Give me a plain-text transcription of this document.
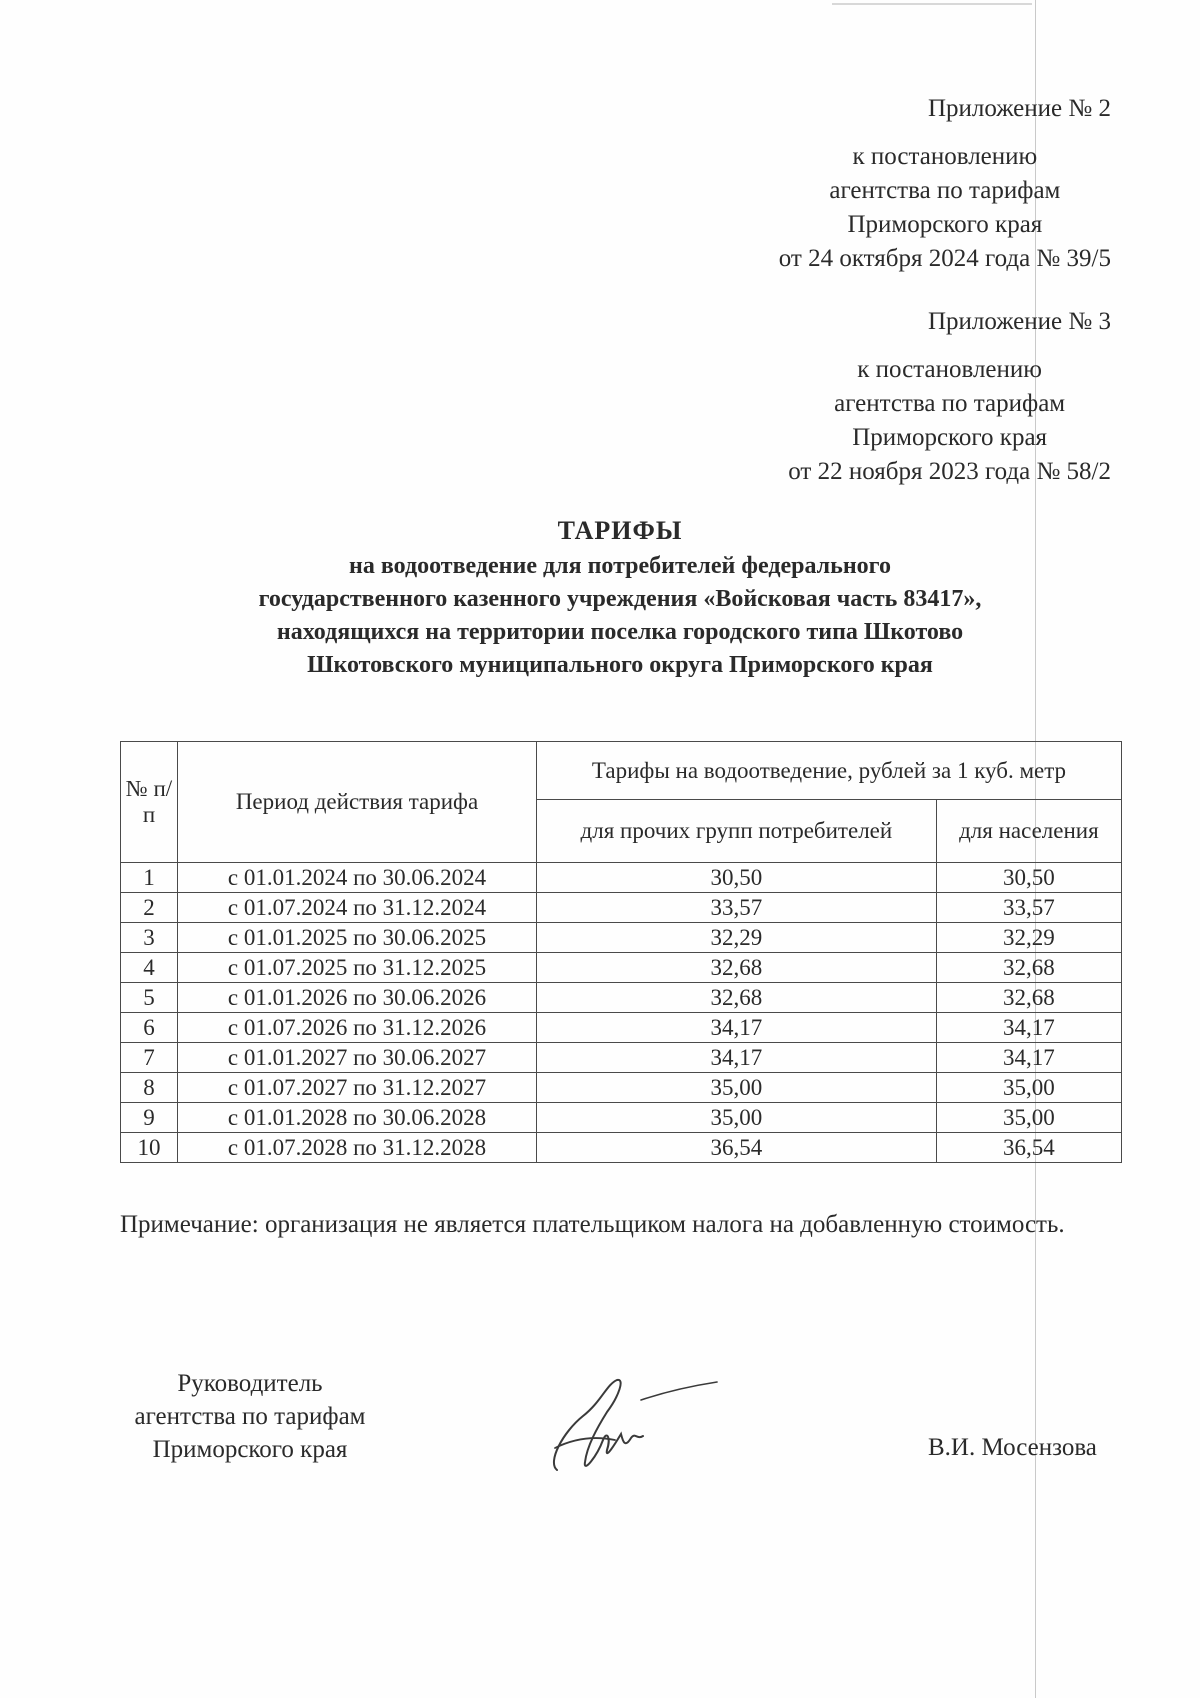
Приложение № 2
к постановлению
агентства по тарифам
Приморского края
от 24 октября 2024 года № 39/5
Приложение № 3
к постановлению
агентства по тарифам
Приморского края
от 22 ноября 2023 года № 58/2
ТАРИФЫ
на водоотведение для потребителей федерального
государственного казенного учреждения «Войсковая часть 83417»,
находящихся на территории поселка городского типа Шкотово
Шкотовского муниципального округа Приморского края
№ п/п	Период действия тарифа	Тарифы на водоотведение, рублей за 1 куб. метр	
		для прочих групп потребителей	для населения
1	с 01.01.2024 по 30.06.2024	30,50	30,50
2	с 01.07.2024 по 31.12.2024	33,57	33,57
3	с 01.01.2025 по 30.06.2025	32,29	32,29
4	с 01.07.2025 по 31.12.2025	32,68	32,68
5	с 01.01.2026 по 30.06.2026	32,68	32,68
6	с 01.07.2026 по 31.12.2026	34,17	34,17
7	с 01.01.2027 по 30.06.2027	34,17	34,17
8	с 01.07.2027 по 31.12.2027	35,00	35,00
9	с 01.01.2028 по 30.06.2028	35,00	35,00
10	с 01.07.2028 по 31.12.2028	36,54	36,54
Примечание: организация не является плательщиком налога на добавленную стоимость.
Руководитель
агентства по тарифам
Приморского края	В.И. Мосензова
